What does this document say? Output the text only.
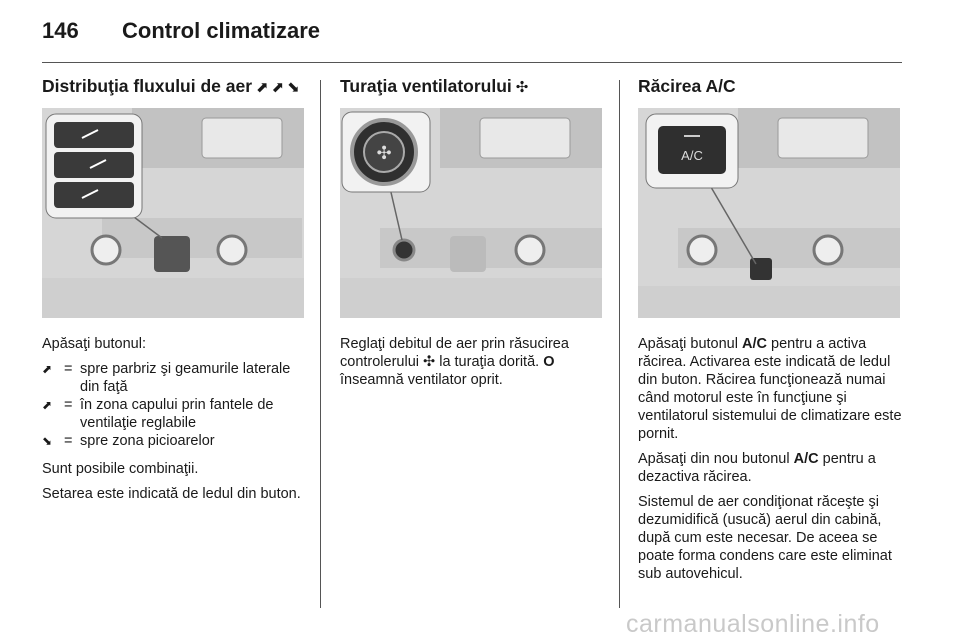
146 Control climatizare
Distribuţia fluxului de aer ⬈⬈⬊

Apăsaţi butonul:

⬈ = spre parbriz şi geamurile laterale din faţă
⬈ = în zona capului prin fantele de ventilaţie reglabile
⬊ = spre zona picioarelor

Sunt posibile combinaţii.

Setarea este indicată de ledul din buton.

Turaţia ventilatorului ✣
✣

Reglaţi debitul de aer prin răsucirea controlerului ✣ la turaţia dorită. O înseamnă ventilator oprit.

Răcirea A/C
A/C

Apăsaţi butonul A/C pentru a activa răcirea. Activarea este indicată de ledul din buton. Răcirea funcţionează numai când motorul este în funcţiune şi ventilatorul sistemului de climatizare este pornit.

Apăsaţi din nou butonul A/C pentru a dezactiva răcirea.

Sistemul de aer condiţionat răceşte şi dezumidifică (usucă) aerul din cabină, după cum este necesar. De aceea se poate forma condens care este eliminat sub autovehicul.

carmanualsonline.info
